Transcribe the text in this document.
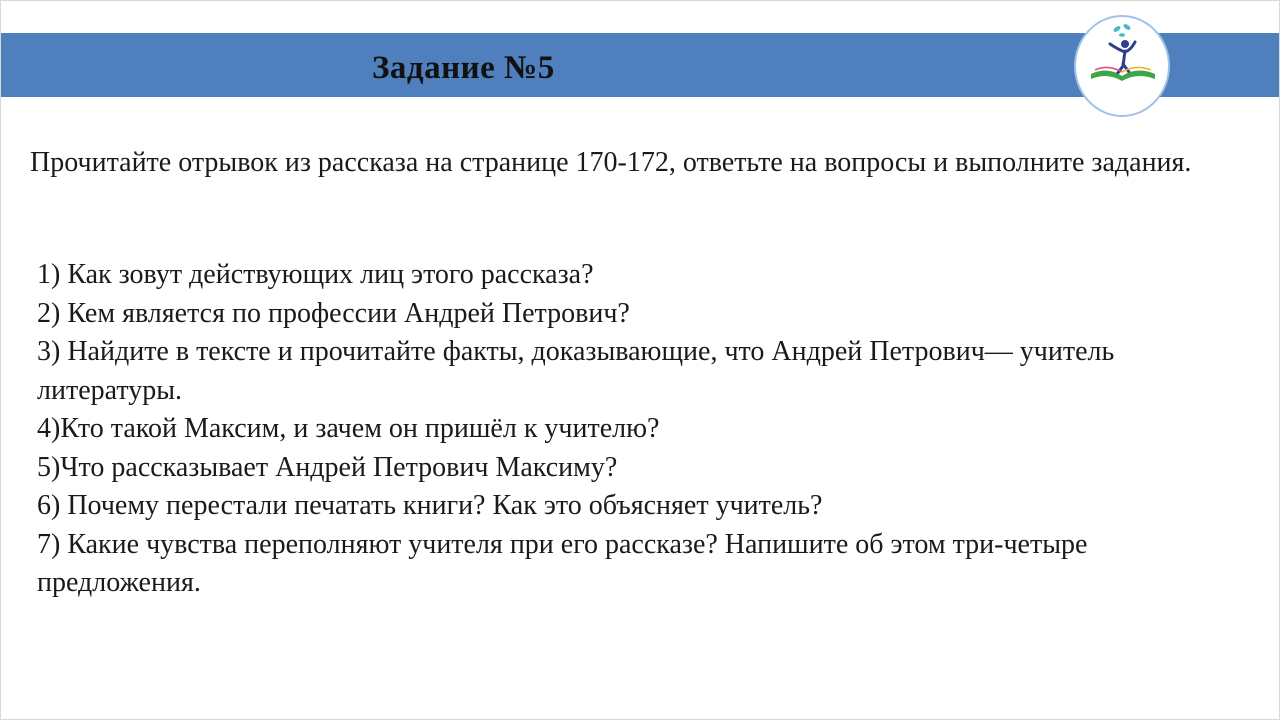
Задание №5

Прочитайте отрывок из рассказа на странице 170-172, ответьте на вопросы и выполните задания.

1) Как зовут действующих лиц этого рассказа?
2) Кем является по профессии Андрей Петрович?
3) Найдите в тексте и прочитайте факты, доказывающие, что Андрей Петрович— учитель литературы.
4)Кто такой Максим, и зачем он пришёл к учителю?
5)Что рассказывает Андрей Петрович Максиму?
6) Почему перестали печатать книги? Как это объясняет учитель?
7) Какие чувства переполняют учителя при его рассказе? Напишите об этом три-четыре предложения.
